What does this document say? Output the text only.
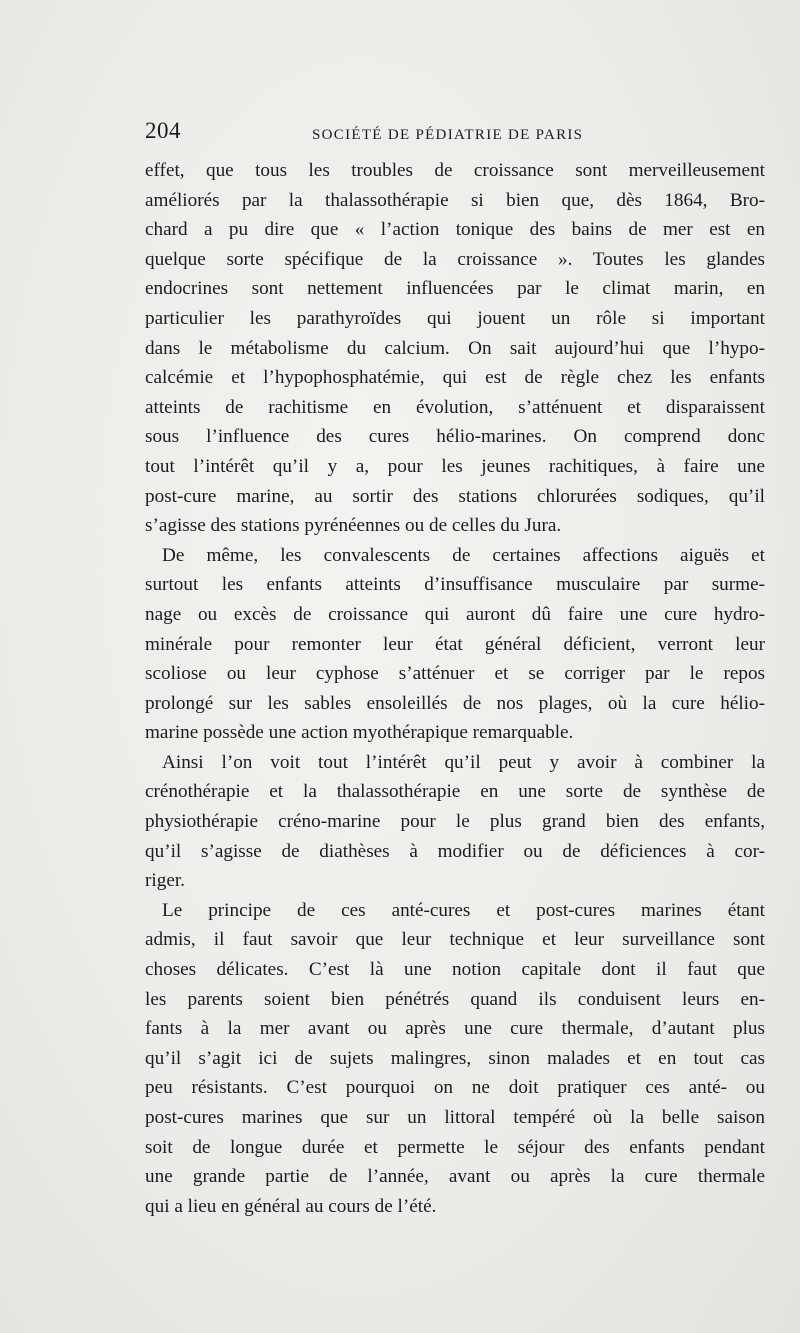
204	SOCIÉTÉ DE PÉDIATRIE DE PARIS
effet, que tous les troubles de croissance sont merveilleusement
améliorés par la thalassothérapie si bien que, dès 1864, Bro-
chard a pu dire que « l’action tonique des bains de mer est en
quelque sorte spécifique de la croissance ». Toutes les glandes
endocrines sont nettement influencées par le climat marin, en
particulier les parathyroïdes qui jouent un rôle si important
dans le métabolisme du calcium. On sait aujourd’hui que l’hypo-
calcémie et l’hypophosphatémie, qui est de règle chez les enfants
atteints de rachitisme en évolution, s’atténuent et disparaissent
sous l’influence des cures hélio-marines. On comprend donc
tout l’intérêt qu’il y a, pour les jeunes rachitiques, à faire une
post-cure marine, au sortir des stations chlorurées sodiques, qu’il
s’agisse des stations pyrénéennes ou de celles du Jura.
De même, les convalescents de certaines affections aiguës et
surtout les enfants atteints d’insuffisance musculaire par surme-
nage ou excès de croissance qui auront dû faire une cure hydro-
minérale pour remonter leur état général déficient, verront leur
scoliose ou leur cyphose s’atténuer et se corriger par le repos
prolongé sur les sables ensoleillés de nos plages, où la cure hélio-
marine possède une action myothérapique remarquable.
Ainsi l’on voit tout l’intérêt qu’il peut y avoir à combiner la
crénothérapie et la thalassothérapie en une sorte de synthèse de
physiothérapie créno-marine pour le plus grand bien des enfants,
qu’il s’agisse de diathèses à modifier ou de déficiences à cor-
riger.
Le principe de ces anté-cures et post-cures marines étant
admis, il faut savoir que leur technique et leur surveillance sont
choses délicates. C’est là une notion capitale dont il faut que
les parents soient bien pénétrés quand ils conduisent leurs en-
fants à la mer avant ou après une cure thermale, d’autant plus
qu’il s’agit ici de sujets malingres, sinon malades et en tout cas
peu résistants. C’est pourquoi on ne doit pratiquer ces anté- ou
post-cures marines que sur un littoral tempéré où la belle saison
soit de longue durée et permette le séjour des enfants pendant
une grande partie de l’année, avant ou après la cure thermale
qui a lieu en général au cours de l’été.
